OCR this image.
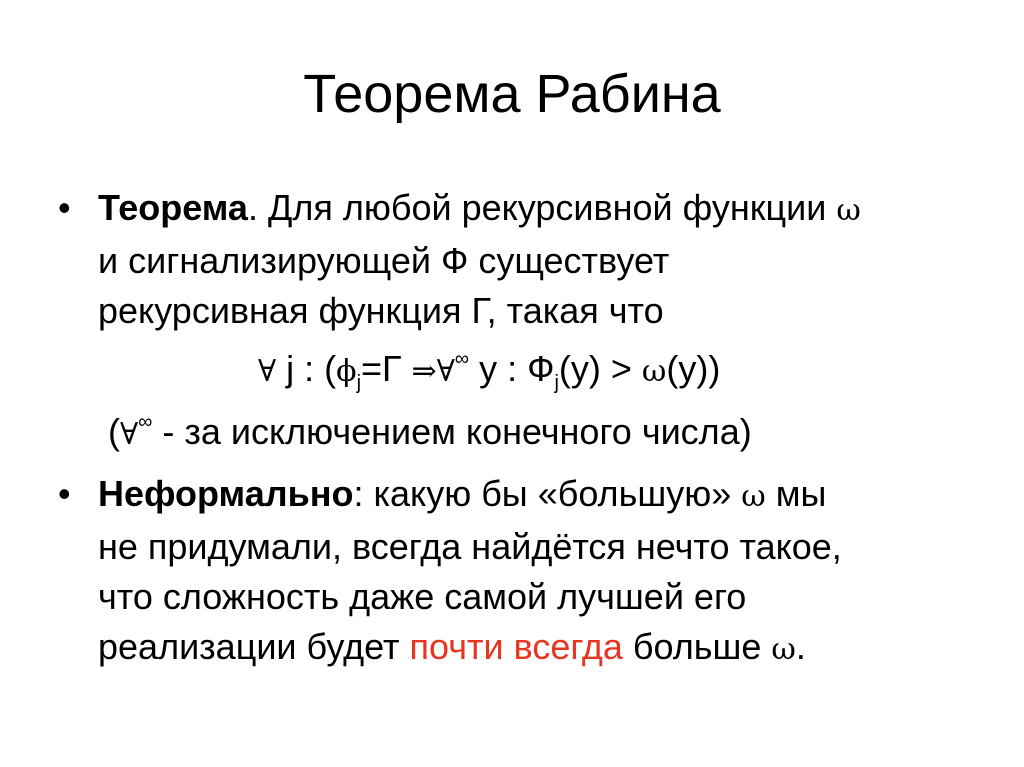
Теорема Рабина
• Теорема. Для любой рекурсивной функции ω
и сигнализирующей Ф существует
рекурсивная функция Г, такая что
∀ j : ($\phi_j=Г$ ⇒∀∞ y : $Ф_j(y) > \omega(y)$)
(∀∞ - за исключением конечного числа)
• Неформально: какую бы «большую» ω мы
не придумали, всегда найдётся нечто такое,
что сложность даже самой лучшей его
реализации будет почти всегда больше ω.
